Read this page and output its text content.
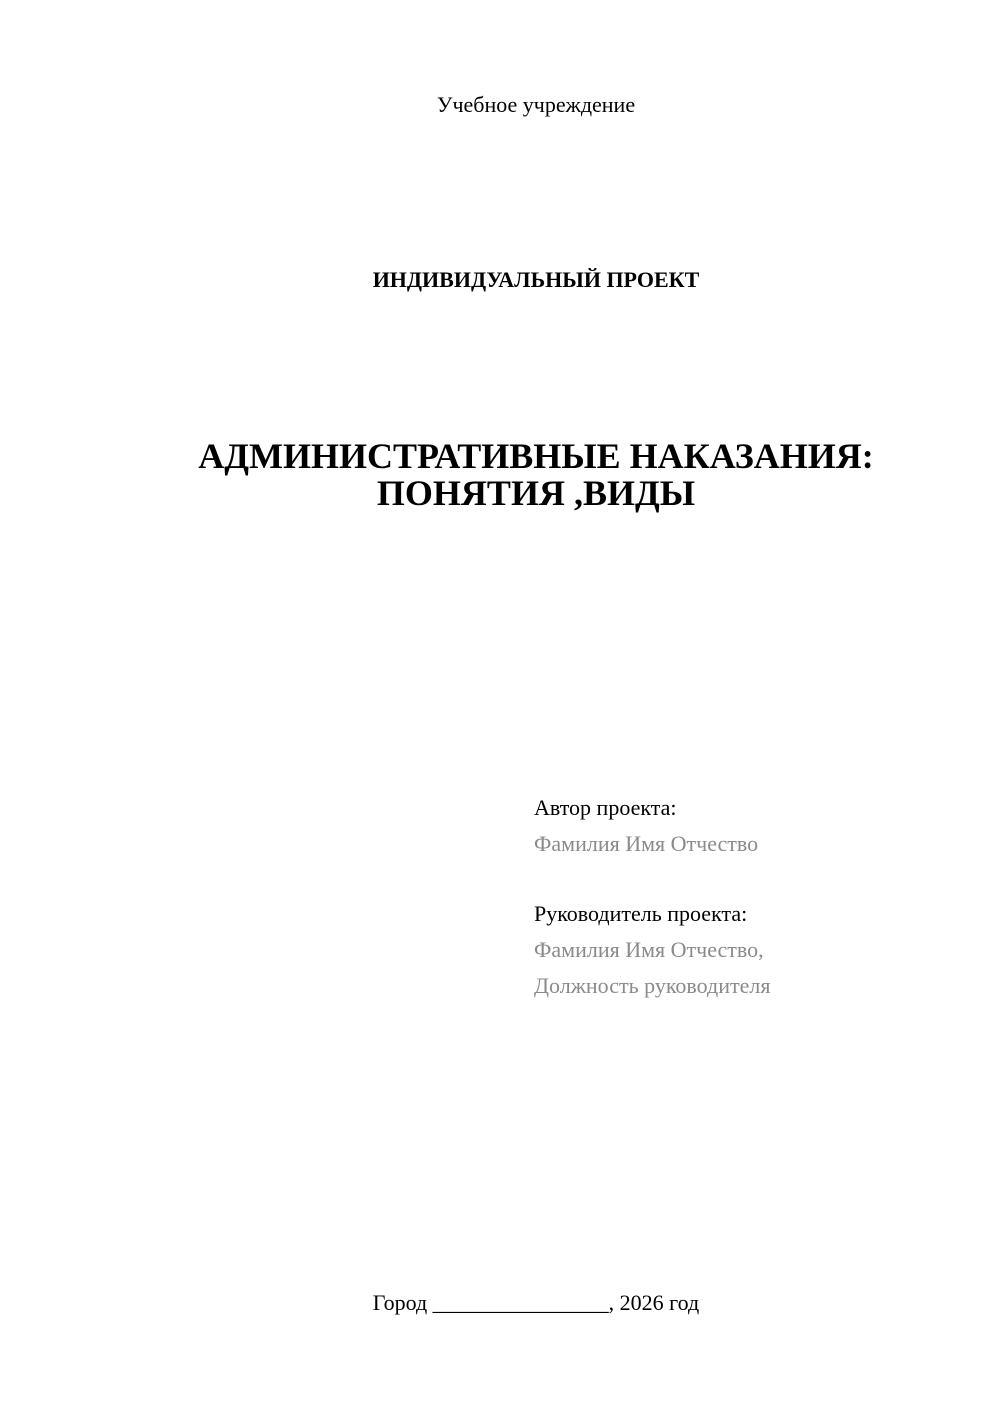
Учебное учреждение
ИНДИВИДУАЛЬНЫЙ ПРОЕКТ
АДМИНИСТРАТИВНЫЕ НАКАЗАНИЯ:
ПОНЯТИЯ ,ВИДЫ
Автор проекта:
Фамилия Имя Отчество
Руководитель проекта:
Фамилия Имя Отчество,
Должность руководителя
Город ________________, 2026 год
